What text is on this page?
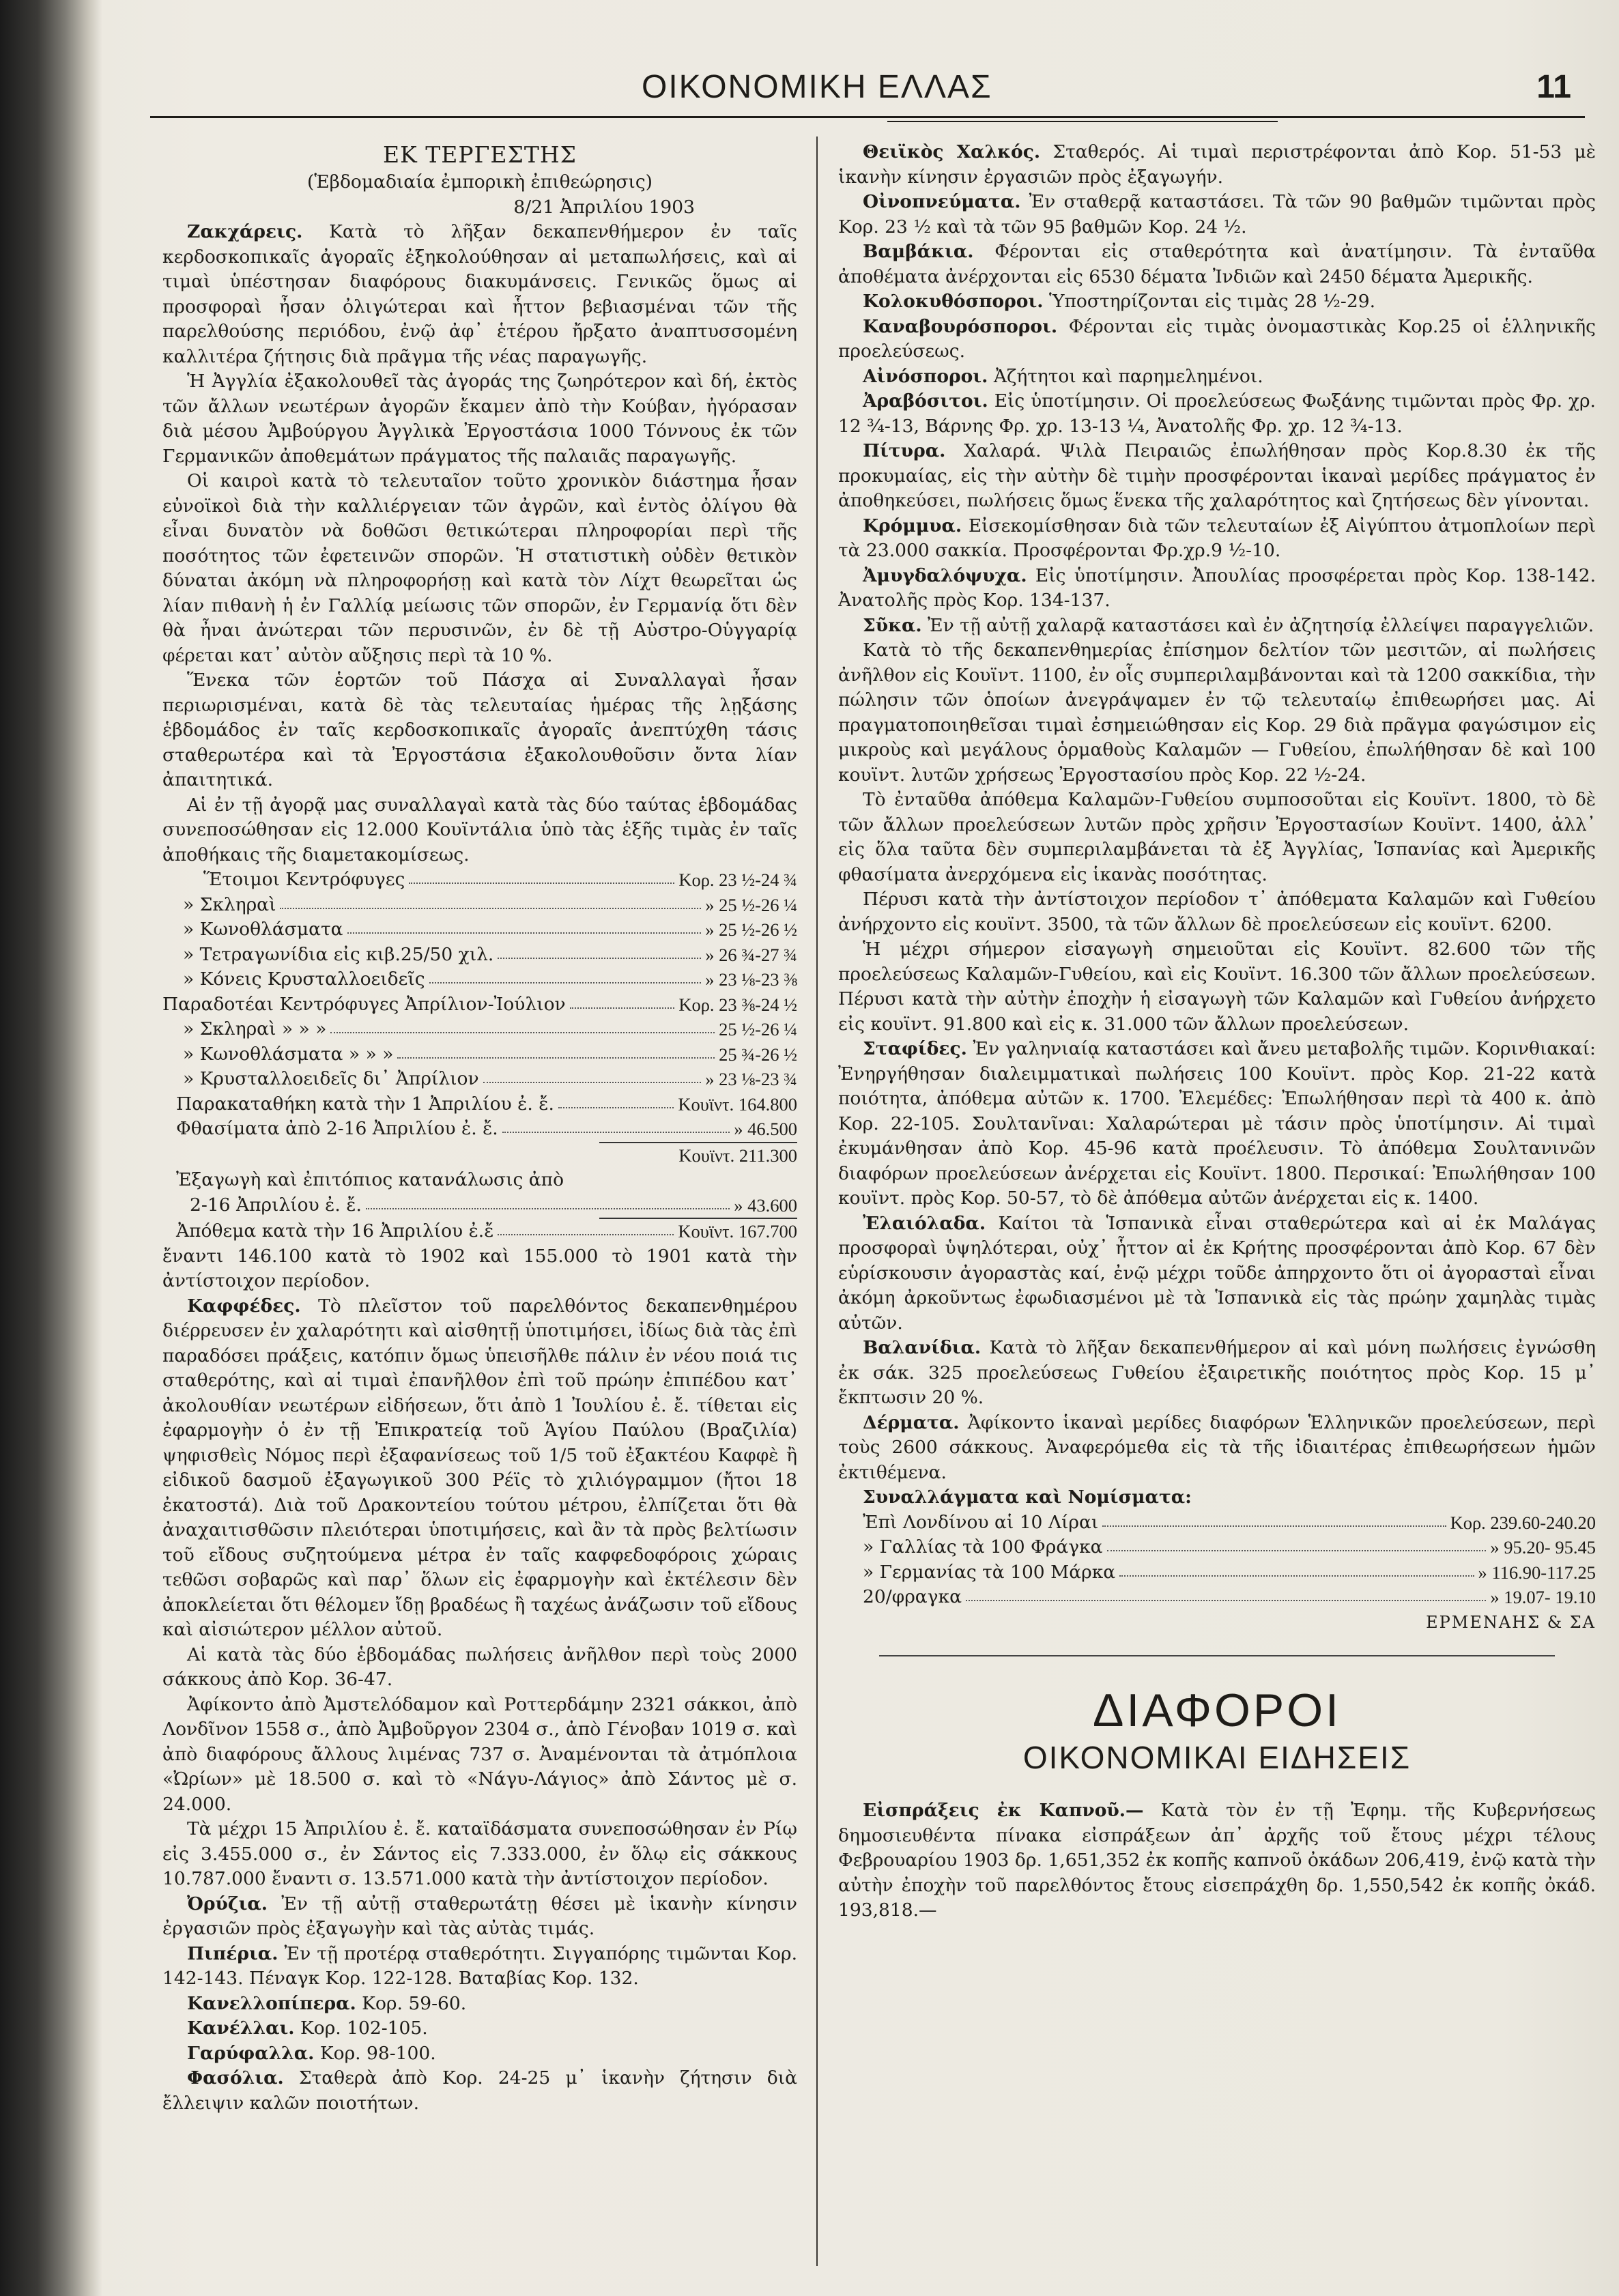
ΟΙΚΟΝΟΜΙΚΗ ΕΛΛΑΣ	11

ΕΚ ΤΕΡΓΕΣΤΗΣ

(Ἑβδομαδιαία ἐμπορικὴ ἐπιθεώρησις)

8/21 Ἀπριλίου 1903

Ζακχάρεις. Κατὰ τὸ λῆξαν δεκαπενθήμερον ἐν ταῖς κερδοσκοπικαῖς ἀγοραῖς ἐξηκολούθησαν αἱ μεταπωλήσεις, καὶ αἱ τιμαὶ ὑπέστησαν διαφόρους διακυμάνσεις. Γενικῶς ὅμως αἱ προσφοραὶ ἦσαν ὀλιγώτεραι καὶ ἧττον βεβιασμέναι τῶν τῆς παρελθούσης περιόδου, ἐνῷ ἀφ᾽ ἑτέρου ἤρξατο ἀναπτυσσομένη καλλιτέρα ζήτησις διὰ πρᾶγμα τῆς νέας παραγωγῆς.

Ἡ Ἀγγλία ἐξακολουθεῖ τὰς ἀγοράς της ζωηρότερον καὶ δή, ἐκτὸς τῶν ἄλλων νεωτέρων ἀγορῶν ἔκαμεν ἀπὸ τὴν Κούβαν, ἠγόρασαν διὰ μέσου Ἀμβούργου Ἀγγλικὰ Ἐργοστάσια 1000 Τόννους ἐκ τῶν Γερμανικῶν ἀποθεμάτων πράγματος τῆς παλαιᾶς παραγωγῆς.

Οἱ καιροὶ κατὰ τὸ τελευταῖον τοῦτο χρονικὸν διάστημα ἦσαν εὐνοϊκοὶ διὰ τὴν καλλιέργειαν τῶν ἀγρῶν, καὶ ἐντὸς ὀλίγου θὰ εἶναι δυνατὸν νὰ δοθῶσι θετικώτεραι πληροφορίαι περὶ τῆς ποσότητος τῶν ἐφετεινῶν σπορῶν. Ἡ στατιστικὴ οὐδὲν θετικὸν δύναται ἀκόμη νὰ πληροφορήσῃ καὶ κατὰ τὸν Λίχτ θεωρεῖται ὡς λίαν πιθανὴ ἡ ἐν Γαλλίᾳ μείωσις τῶν σπορῶν, ἐν Γερμανίᾳ ὅτι δὲν θὰ ἦναι ἀνώτεραι τῶν περυσινῶν, ἐν δὲ τῇ Αὐστρο-Οὑγγαρίᾳ φέρεται κατ᾽ αὐτὸν αὔξησις περὶ τὰ 10 %.

Ἕνεκα τῶν ἑορτῶν τοῦ Πάσχα αἱ Συναλλαγαὶ ἦσαν περιωρισμέναι, κατὰ δὲ τὰς τελευταίας ἡμέρας τῆς λῃξάσης ἑβδομάδος ἐν ταῖς κερδοσκοπικαῖς ἀγοραῖς ἀνεπτύχθη τάσις σταθερωτέρα καὶ τὰ Ἐργοστάσια ἐξακολουθοῦσιν ὄντα λίαν ἀπαιτητικά.

Αἱ ἐν τῇ ἀγορᾷ μας συναλλαγαὶ κατὰ τὰς δύο ταύτας ἑβδομάδας συνεποσώθησαν εἰς 12.000 Κουϊντάλια ὑπὸ τὰς ἑξῆς τιμὰς ἐν ταῖς ἀποθήκαις τῆς διαμετακομίσεως.

Ἕτοιμοι Κεντρόφυγες	Κορ. 23 ½-24 ¾
» Σκληραὶ	» 25 ½-26 ¼
» Κωνοθλάσματα	» 25 ½-26 ½
» Τετραγωνίδια εἰς κιβ.25/50 χιλ.	» 26 ¾-27 ¾
» Κόνεις Κρυσταλλοειδεῖς	» 23 ⅛-23 ⅜
Παραδοτέαι Κεντρόφυγες Ἀπρίλιον-Ἰούλιον	Κορ. 23 ⅜-24 ½
» Σκληραὶ » » »	25 ½-26 ¼
» Κωνοθλάσματα » » »	25 ¾-26 ½
» Κρυσταλλοειδεῖς δι᾽ Ἀπρίλιον	» 23 ⅛-23 ¾
Παρακαταθήκη κατὰ τὴν 1 Ἀπριλίου ἐ. ἔ.	Κουϊντ. 164.800
Φθασίματα ἀπὸ 2-16 Ἀπριλίου ἐ. ἔ.	» 46.500
Κουϊντ. 211.300
Ἐξαγωγὴ καὶ ἐπιτόπιος κατανάλωσις ἀπὸ
2-16 Ἀπριλίου ἐ. ἔ.	» 43.600
Ἀπόθεμα κατὰ τὴν 16 Ἀπριλίου ἐ.ἔ	Κουϊντ. 167.700

ἔναντι 146.100 κατὰ τὸ 1902 καὶ 155.000 τὸ 1901 κατὰ τὴν ἀντίστοιχον περίοδον.

Καφφέδες. Τὸ πλεῖστον τοῦ παρελθόντος δεκαπενθημέρου διέρρευσεν ἐν χαλαρότητι καὶ αἰσθητῇ ὑποτιμήσει, ἰδίως διὰ τὰς ἐπὶ παραδόσει πράξεις, κατόπιν ὅμως ὑπεισῆλθε πάλιν ἐν νέου ποιά τις σταθερότης, καὶ αἱ τιμαὶ ἐπανῆλθον ἐπὶ τοῦ πρώην ἐπιπέδου κατ᾽ ἀκολουθίαν νεωτέρων εἰδήσεων, ὅτι ἀπὸ 1 Ἰουλίου ἐ. ἔ. τίθεται εἰς ἐφαρμογὴν ὁ ἐν τῇ Ἐπικρατείᾳ τοῦ Ἁγίου Παύλου (Βραζιλία) ψηφισθεὶς Νόμος περὶ ἐξαφανίσεως τοῦ 1/5 τοῦ ἐξακτέου Καφφὲ ἢ εἰδικοῦ δασμοῦ ἐξαγωγικοῦ 300 Ρέϊς τὸ χιλιόγραμμον (ἤτοι 18 ἐκατοστά). Διὰ τοῦ Δρακοντείου τούτου μέτρου, ἐλπίζεται ὅτι θὰ ἀναχαιτισθῶσιν πλειότεραι ὑποτιμήσεις, καὶ ἂν τὰ πρὸς βελτίωσιν τοῦ εἴδους συζητούμενα μέτρα ἐν ταῖς καφφεδοφόροις χώραις τεθῶσι σοβαρῶς καὶ παρ᾽ ὅλων εἰς ἐφαρμογὴν καὶ ἐκτέλεσιν δὲν ἀποκλείεται ὅτι θέλομεν ἴδῃ βραδέως ἢ ταχέως ἀνάζωσιν τοῦ εἴδους καὶ αἰσιώτερον μέλλον αὐτοῦ.

Αἱ κατὰ τὰς δύο ἑβδομάδας πωλήσεις ἀνῆλθον περὶ τοὺς 2000 σάκκους ἀπὸ Κορ. 36-47.

Ἀφίκοντο ἀπὸ Ἀμστελόδαμον καὶ Ροττερδάμην 2321 σάκκοι, ἀπὸ Λονδῖνον 1558 σ., ἀπὸ Ἀμβοῦργον 2304 σ., ἀπὸ Γένοβαν 1019 σ. καὶ ἀπὸ διαφόρους ἄλλους λιμένας 737 σ. Ἀναμένονται τὰ ἀτμόπλοια «Ὠρίων» μὲ 18.500 σ. καὶ τὸ «Νάγυ-Λάγιος» ἀπὸ Σάντος μὲ σ. 24.000.

Τὰ μέχρι 15 Ἀπριλίου ἐ. ἔ. καταϊδάσματα συνεποσώθησαν ἐν Ρίῳ εἰς 3.455.000 σ., ἐν Σάντος εἰς 7.333.000, ἐν ὅλῳ εἰς σάκκους 10.787.000 ἔναντι σ. 13.571.000 κατὰ τὴν ἀντίστοιχον περίοδον.

Ὀρύζια. Ἐν τῇ αὐτῇ σταθερωτάτῃ θέσει μὲ ἱκανὴν κίνησιν ἐργασιῶν πρὸς ἐξαγωγὴν καὶ τὰς αὐτὰς τιμάς.

Πιπέρια. Ἐν τῇ προτέρᾳ σταθερότητι. Σιγγαπόρης τιμῶνται Κορ. 142-143. Πέναγκ Κορ. 122-128. Βαταβίας Κορ. 132.

Κανελλοπίπερα. Κορ. 59-60.

Κανέλλαι. Κορ. 102-105.

Γαρύφαλλα. Κορ. 98-100.

Φασόλια. Σταθερὰ ἀπὸ Κορ. 24-25 μ᾽ ἱκανὴν ζήτησιν διὰ ἔλλειψιν καλῶν ποιοτήτων.

Θειϊκὸς Χαλκός. Σταθερός. Αἱ τιμαὶ περιστρέφονται ἀπὸ Κορ. 51-53 μὲ ἱκανὴν κίνησιν ἐργασιῶν πρὸς ἐξαγωγήν.

Οἰνοπνεύματα. Ἐν σταθερᾷ καταστάσει. Τὰ τῶν 90 βαθμῶν τιμῶνται πρὸς Κορ. 23 ½ καὶ τὰ τῶν 95 βαθμῶν Κορ. 24 ½.

Βαμβάκια. Φέρονται εἰς σταθερότητα καὶ ἀνατίμησιν. Τὰ ἐνταῦθα ἀποθέματα ἀνέρχονται εἰς 6530 δέματα Ἰνδιῶν καὶ 2450 δέματα Ἀμερικῆς.

Κολοκυθόσποροι. Ὑποστηρίζονται εἰς τιμὰς 28 ½-29.

Καναβουρόσποροι. Φέρονται εἰς τιμὰς ὀνομαστικὰς Κορ.25 οἱ ἑλληνικῆς προελεύσεως.

Αἰνόσποροι. Ἀζήτητοι καὶ παρημελημένοι.

Ἀραβόσιτοι. Εἰς ὑποτίμησιν. Οἱ προελεύσεως Φωξάνης τιμῶνται πρὸς Φρ. χρ. 12 ¾-13, Βάρνης Φρ. χρ. 13-13 ¼, Ἀνατολῆς Φρ. χρ. 12 ¾-13.

Πίτυρα. Χαλαρά. Ψιλὰ Πειραιῶς ἐπωλήθησαν πρὸς Κορ.8.30 ἐκ τῆς προκυμαίας, εἰς τὴν αὐτὴν δὲ τιμὴν προσφέρονται ἱκαναὶ μερίδες πράγματος ἐν ἀποθηκεύσει, πωλήσεις ὅμως ἕνεκα τῆς χαλαρότητος καὶ ζητήσεως δὲν γίνονται.

Κρόμμυα. Εἰσεκομίσθησαν διὰ τῶν τελευταίων ἐξ Αἰγύπτου ἀτμοπλοίων περὶ τὰ 23.000 σακκία. Προσφέρονται Φρ.χρ.9 ½-10.

Ἀμυγδαλόψυχα. Εἰς ὑποτίμησιν. Ἀπουλίας προσφέρεται πρὸς Κορ. 138-142. Ἀνατολῆς πρὸς Κορ. 134-137.

Σῦκα. Ἐν τῇ αὐτῇ χαλαρᾷ καταστάσει καὶ ἐν ἀζητησίᾳ ἐλλείψει παραγγελιῶν.

Κατὰ τὸ τῆς δεκαπενθημερίας ἐπίσημον δελτίον τῶν μεσιτῶν, αἱ πωλήσεις ἀνῆλθον εἰς Κουϊντ. 1100, ἐν οἷς συμπεριλαμβάνονται καὶ τὰ 1200 σακκίδια, τὴν πώλησιν τῶν ὁποίων ἀνεγράψαμεν ἐν τῷ τελευταίῳ ἐπιθεωρήσει μας. Αἱ πραγματοποιηθεῖσαι τιμαὶ ἐσημειώθησαν εἰς Κορ. 29 διὰ πρᾶγμα φαγώσιμον εἰς μικροὺς καὶ μεγάλους ὁρμαθοὺς Καλαμῶν — Γυθείου, ἐπωλήθησαν δὲ καὶ 100 κουϊντ. λυτῶν χρήσεως Ἐργοστασίου πρὸς Κορ. 22 ½-24.

Τὸ ἐνταῦθα ἀπόθεμα Καλαμῶν-Γυθείου συμποσοῦται εἰς Κουϊντ. 1800, τὸ δὲ τῶν ἄλλων προελεύσεων λυτῶν πρὸς χρῆσιν Ἐργοστασίων Κουϊντ. 1400, ἀλλ᾽ εἰς ὅλα ταῦτα δὲν συμπεριλαμβάνεται τὰ ἐξ Ἀγγλίας, Ἱσπανίας καὶ Ἀμερικῆς φθασίματα ἀνερχόμενα εἰς ἱκανὰς ποσότητας.

Πέρυσι κατὰ τὴν ἀντίστοιχον περίοδον τ᾽ ἀπόθεματα Καλαμῶν καὶ Γυθείου ἀνήρχοντο εἰς κουϊντ. 3500, τὰ τῶν ἄλλων δὲ προελεύσεων εἰς κουϊντ. 6200.

Ἡ μέχρι σήμερον εἰσαγωγὴ σημειοῦται εἰς Κουϊντ. 82.600 τῶν τῆς προελεύσεως Καλαμῶν-Γυθείου, καὶ εἰς Κουϊντ. 16.300 τῶν ἄλλων προελεύσεων. Πέρυσι κατὰ τὴν αὐτὴν ἐποχὴν ἡ εἰσαγωγὴ τῶν Καλαμῶν καὶ Γυθείου ἀνήρχετο εἰς κουϊντ. 91.800 καὶ εἰς κ. 31.000 τῶν ἄλλων προελεύσεων.

Σταφίδες. Ἐν γαληνιαίᾳ καταστάσει καὶ ἄνευ μεταβολῆς τιμῶν. Κορινθιακαί: Ἐνηργήθησαν διαλειμματικαὶ πωλήσεις 100 Κουϊντ. πρὸς Κορ. 21-22 κατὰ ποιότητα, ἀπόθεμα αὐτῶν κ. 1700. Ἐλεμέδες: Ἐπωλήθησαν περὶ τὰ 400 κ. ἀπὸ Κορ. 22-105. Σουλτανῖναι: Χαλαρώτεραι μὲ τάσιν πρὸς ὑποτίμησιν. Αἱ τιμαὶ ἐκυμάνθησαν ἀπὸ Κορ. 45-96 κατὰ προέλευσιν. Τὸ ἀπόθεμα Σουλτανινῶν διαφόρων προελεύσεων ἀνέρχεται εἰς Κουϊντ. 1800. Περσικαί: Ἐπωλήθησαν 100 κουϊντ. πρὸς Κορ. 50-57, τὸ δὲ ἀπόθεμα αὐτῶν ἀνέρχεται εἰς κ. 1400.

Ἐλαιόλαδα. Καίτοι τὰ Ἱσπανικὰ εἶναι σταθερώτερα καὶ αἱ ἐκ Μαλάγας προσφοραὶ ὑψηλότεραι, οὐχ᾽ ἧττον αἱ ἐκ Κρήτης προσφέρονται ἀπὸ Κορ. 67 δὲν εὑρίσκουσιν ἀγοραστὰς καί, ἐνῷ μέχρι τοῦδε ἀπηρχοντο ὅτι οἱ ἀγορασταὶ εἶναι ἀκόμη ἀρκοῦντως ἐφωδιασμένοι μὲ τὰ Ἱσπανικὰ εἰς τὰς πρώην χαμηλὰς τιμὰς αὐτῶν.

Βαλανίδια. Κατὰ τὸ λῆξαν δεκαπενθήμερον αἱ καὶ μόνη πωλήσεις ἐγνώσθη ἐκ σάκ. 325 προελεύσεως Γυθείου ἐξαιρετικῆς ποιότητος πρὸς Κορ. 15 μ᾽ ἔκπτωσιν 20 %.

Δέρματα. Ἀφίκοντο ἱκαναὶ μερίδες διαφόρων Ἑλληνικῶν προελεύσεων, περὶ τοὺς 2600 σάκκους. Ἀναφερόμεθα εἰς τὰ τῆς ἰδιαιτέρας ἐπιθεωρήσεων ἡμῶν ἐκτιθέμενα.

Συναλλάγματα καὶ Νομίσματα:

Ἐπὶ Λονδίνου αἱ 10 Λίραι	Κορ. 239.60-240.20
» Γαλλίας τὰ 100 Φράγκα	» 95.20- 95.45
» Γερμανίας τὰ 100 Μάρκα	» 116.90-117.25
20/φραγκα	» 19.07- 19.10

ΕΡΜΕΝΑΗΣ & ΣΑ

ΔΙΑΦΟΡΟΙ

ΟΙΚΟΝΟΜΙΚΑΙ ΕΙΔΗΣΕΙΣ

Εἰσπράξεις ἐκ Καπνοῦ.— Κατὰ τὸν ἐν τῇ Ἐφημ. τῆς Κυβερνήσεως δημοσιευθέντα πίνακα εἰσπράξεων ἀπ᾽ ἀρχῆς τοῦ ἔτους μέχρι τέλους Φεβρουαρίου 1903 δρ. 1,651,352 ἐκ κοπῆς καπνοῦ ὀκάδων 206,419, ἐνῷ κατὰ τὴν αὐτὴν ἐποχὴν τοῦ παρελθόντος ἔτους εἰσεπράχθη δρ. 1,550,542 ἐκ κοπῆς ὀκάδ. 193,818.—
